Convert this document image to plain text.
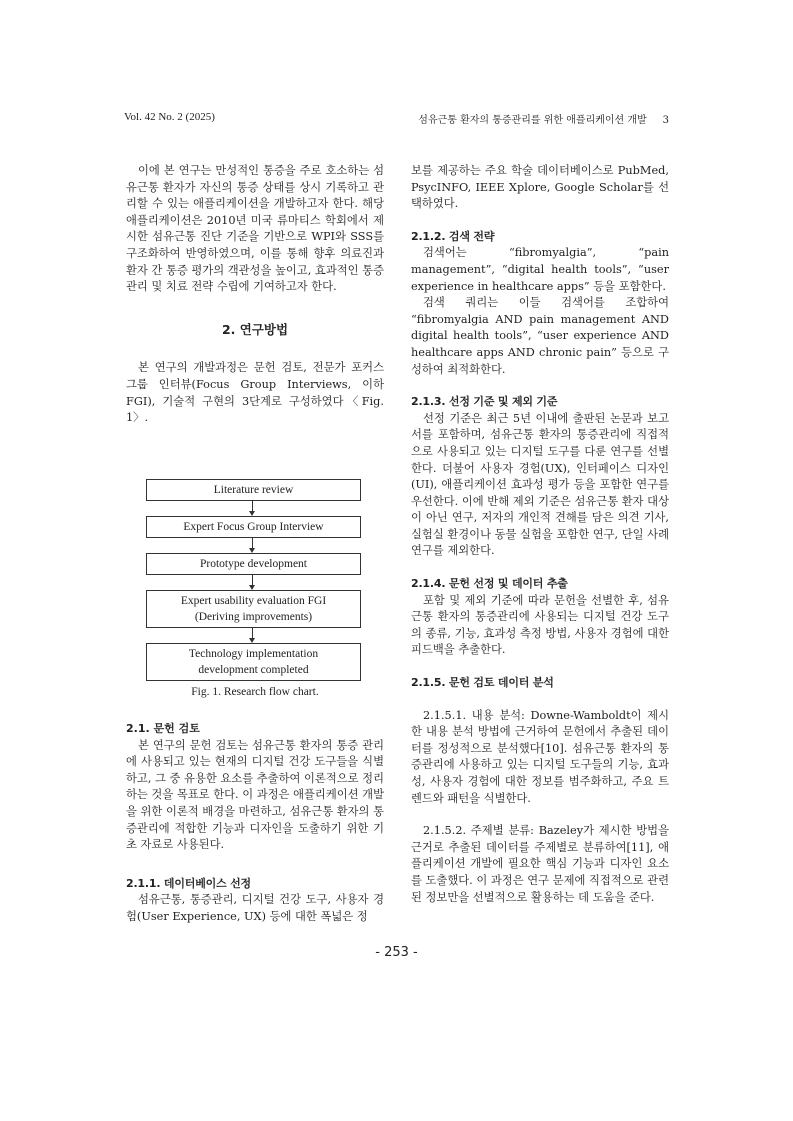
Vol. 42 No. 2 (2025)	섬유근통 환자의 통증관리를 위한 애플리케이션 개발 3

이에 본 연구는 만성적인 통증을 주로 호소하는 섬유근통 환자가 자신의 통증 상태를 상시 기록하고 관리할 수 있는 애플리케이션을 개발하고자 한다. 해당 애플리케이션은 2010년 미국 류마티스 학회에서 제시한 섬유근통 진단 기준을 기반으로 WPI와 SSS를 구조화하여 반영하였으며, 이를 통해 향후 의료진과 환자 간 통증 평가의 객관성을 높이고, 효과적인 통증 관리 및 치료 전략 수립에 기여하고자 한다.

2. 연구방법

본 연구의 개발과정은 문헌 검토, 전문가 포커스 그룹 인터뷰(Focus Group Interviews, 이하 FGI), 기술적 구현의 3단계로 구성하였다〈Fig. 1〉.

Literature review
Expert Focus Group Interview
Prototype development
Expert usability evaluation FGI
(Deriving improvements)
Technology implementation
development completed
Fig. 1. Research flow chart.
2.1. 문헌 검토

본 연구의 문헌 검토는 섬유근통 환자의 통증 관리에 사용되고 있는 현재의 디지털 건강 도구들을 식별하고, 그 중 유용한 요소를 추출하여 이론적으로 정리하는 것을 목표로 한다. 이 과정은 애플리케이션 개발을 위한 이론적 배경을 마련하고, 섬유근통 환자의 통증관리에 적합한 기능과 디자인을 도출하기 위한 기초 자료로 사용된다.

2.1.1. 데이터베이스 선정

섬유근통, 통증관리, 디지털 건강 도구, 사용자 경험(User Experience, UX) 등에 대한 폭넓은 정

보를 제공하는 주요 학술 데이터베이스로 PubMed, PsycINFO, IEEE Xplore, Google Scholar를 선택하였다.

2.1.2. 검색 전략

검색어는 “fibromyalgia”, “pain management”, “digital health tools”, “user experience in healthcare apps” 등을 포함한다.

검색 쿼리는 이들 검색어를 조합하여 “fibromyalgia AND pain management AND digital health tools”, “user experience AND healthcare apps AND chronic pain” 등으로 구성하여 최적화한다.

2.1.3. 선정 기준 및 제외 기준

선정 기준은 최근 5년 이내에 출판된 논문과 보고서를 포함하며, 섬유근통 환자의 통증관리에 직접적으로 사용되고 있는 디지털 도구를 다룬 연구를 선별한다. 더불어 사용자 경험(UX), 인터페이스 디자인(UI), 애플리케이션 효과성 평가 등을 포함한 연구를 우선한다. 이에 반해 제외 기준은 섬유근통 환자 대상이 아닌 연구, 저자의 개인적 견해를 담은 의견 기사, 실험실 환경이나 동물 실험을 포함한 연구, 단일 사례 연구를 제외한다.

2.1.4. 문헌 선정 및 데이터 추출

포함 및 제외 기준에 따라 문헌을 선별한 후, 섬유근통 환자의 통증관리에 사용되는 디지털 건강 도구의 종류, 기능, 효과성 측정 방법, 사용자 경험에 대한 피드백을 추출한다.

2.1.5. 문헌 검토 데이터 분석

2.1.5.1. 내용 분석: Downe-Wamboldt이 제시한 내용 분석 방법에 근거하여 문헌에서 추출된 데이터를 정성적으로 분석했다[10]. 섬유근통 환자의 통증관리에 사용하고 있는 디지털 도구들의 기능, 효과성, 사용자 경험에 대한 정보를 범주화하고, 주요 트렌드와 패턴을 식별한다.

2.1.5.2. 주제별 분류: Bazeley가 제시한 방법을 근거로 추출된 데이터를 주제별로 분류하여[11], 애플리케이션 개발에 필요한 핵심 기능과 디자인 요소를 도출했다. 이 과정은 연구 문제에 직접적으로 관련된 정보만을 선별적으로 활용하는 데 도움을 준다.

- 253 -
